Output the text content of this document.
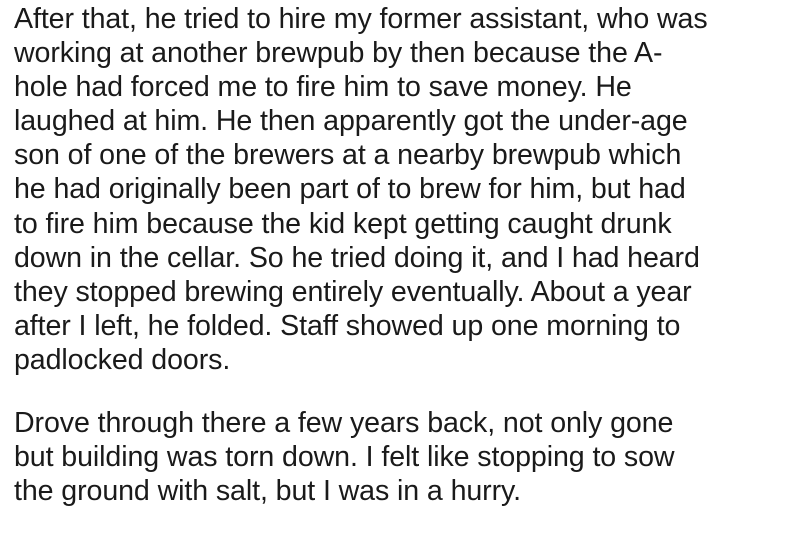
After that, he tried to hire my former assistant, who was
working at another brewpub by then because the A-
hole had forced me to fire him to save money. He
laughed at him. He then apparently got the under-age
son of one of the brewers at a nearby brewpub which
he had originally been part of to brew for him, but had
to fire him because the kid kept getting caught drunk
down in the cellar. So he tried doing it, and I had heard
they stopped brewing entirely eventually. About a year
after I left, he folded. Staff showed up one morning to
padlocked doors.
Drove through there a few years back, not only gone
but building was torn down. I felt like stopping to sow
the ground with salt, but I was in a hurry.
